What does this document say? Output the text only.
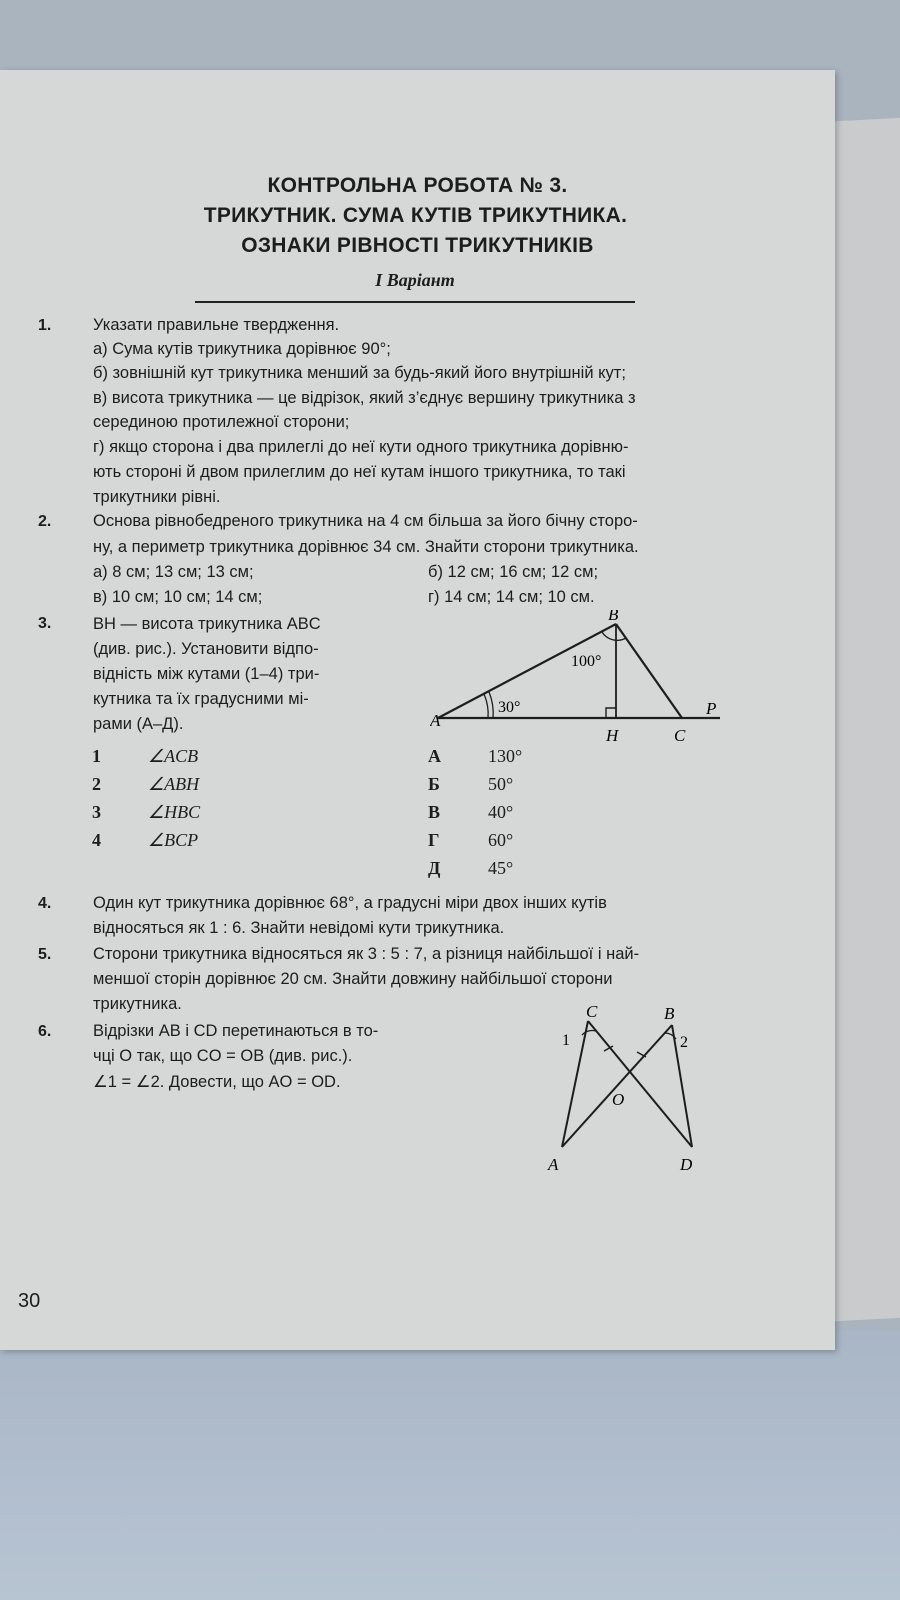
КОНТРОЛЬНА РОБОТА № 3.
ТРИКУТНИК. СУМА КУТІВ ТРИКУТНИКА.
ОЗНАКИ РІВНОСТІ ТРИКУТНИКІВ
І Варіант
1.	Указати правильне твердження.
а) Сума кутів трикутника дорівнює 90°;
б) зовнішній кут трикутника менший за будь-який його внутрішній кут;
в) висота трикутника — це відрізок, який з’єднує вершину трикутника з
серединою протилежної сторони;
г) якщо сторона і два прилеглі до неї кути одного трикутника дорівню-
ють стороні й двом прилеглим до неї кутам іншого трикутника, то такі
трикутники рівні.
2.	Основа рівнобедреного трикутника на 4 см більша за його бічну сторо-
ну, а периметр трикутника дорівнює 34 см. Знайти сторони трикутника.
а) 8 см; 13 см; 13 см;	б) 12 см; 16 см; 12 см;
в) 10 см; 10 см; 14 см;	г) 14 см; 14 см; 10 см.
3.	BH — висота трикутника ABC
(див. рис.). Установити відпо-
відність між кутами (1–4) три-
кутника та їх градусними мі-
рами (А–Д).
1	∠ACB
2	∠ABH
3	∠HBC
4	∠BCP
А	130°
Б	50°
В	40°
Г	60°
Д	45°
B
A
H	C
P
100°
30°
4.	Один кут трикутника дорівнює 68°, а градусні міри двох інших кутів
відносяться як 1 : 6. Знайти невідомі кути трикутника.
5.	Сторони трикутника відносяться як 3 : 5 : 7, а різниця найбільшої і най-
меншої сторін дорівнює 20 см. Знайти довжину найбільшої сторони
трикутника.
6.	Відрізки AB і CD перетинаються в то-
чці O так, що CO = OB (див. рис.).
∠1 = ∠2. Довести, що AO = OD.
C	B
1	2
O
A	D
30
